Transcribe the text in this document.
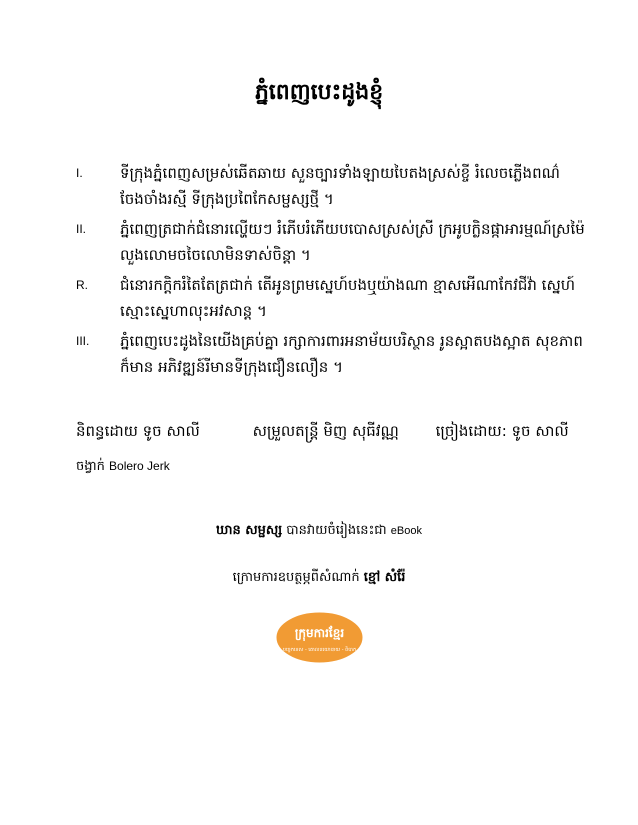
ភ្នំពេញបេះដូងខ្ញុំ
I.	ទីក្រុងភ្នំពេញសម្រស់ឆើតឆាយ សួនច្បារទាំងឡាយបៃតងស្រស់ខ្ចី រំលេចភ្លើងពណ៌ចែងចាំងរស្មី ទីក្រុងប្រពៃកែសម្ផស្សថ្មី ។
II.	ភ្នំពេញត្រជាក់ជំនោរល្ហើយៗ រំភើបរំភើយបបោសស្រស់ស្រី ក្រអូបក្លិនផ្កាអារម្មណ៍ស្រម៉ៃ លួងលោមចចៃលោមិនទាស់ចិន្ដា ។
R.	ជំនោរកក្ដិករំតៃតែត្រជាក់ តើអូនព្រមស្នេហ៍បងឬយ៉ាងណា ខ្មាសអើណាកែវជីវ៉ា ស្នេហ៍ស្មោះស្នេហាលុះអវសាន្ដ ។
III.	ភ្នំពេញបេះដូងនៃយើងគ្រប់គ្នា រក្សាការពារអនាម័យបរិស្ថាន រូនស្អាតបងស្អាត សុខភាពក៏មាន អភិវឌ្ឍន៍រីមានទីក្រុងជឿនលឿន ។
និពន្ធដោយ ទូច សាលី	សម្រួលតន្ត្រី មិញ សុធីវណ្ណ ច្រៀងដោយ: ទូច សាលី
ចង្វាក់ Bolero Jerk
ឃាន សម្ផស្ស បានវាយចំរៀងនេះជា eBook
ក្រោមការឧបត្ថម្ភពីសំណាក់ ខ្មៅ សំរ៉ែ
ក្រុមការខ្មែរ
បច្ចេកទេស - គោលនយោបាយ - ពិបាក
